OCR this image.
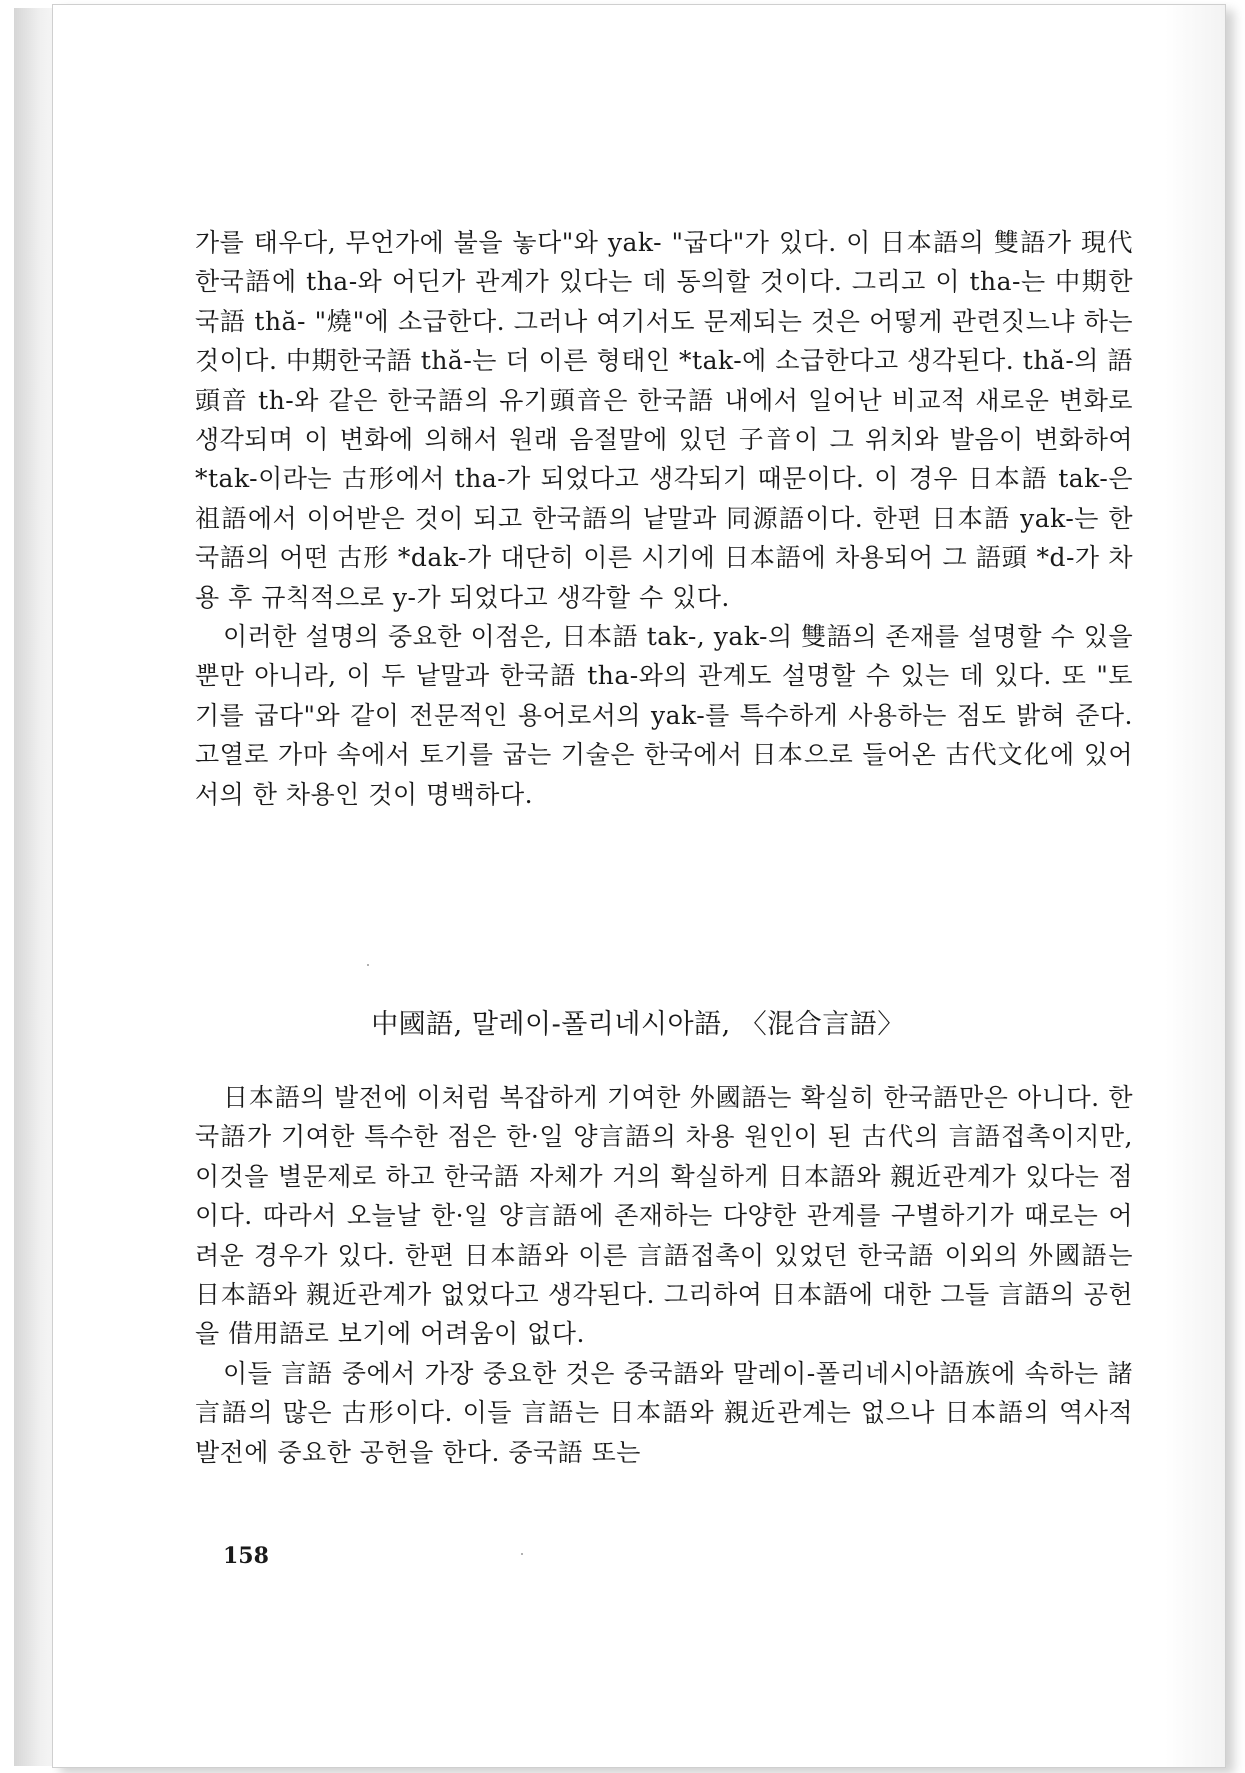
가를 태우다, 무언가에 불을 놓다"와 yak- "굽다"가 있다. 이 日本語의 雙語가 現代한국語에 tha-와 어딘가 관계가 있다는 데 동의할 것이다. 그리고 이 tha-는 中期한국語 thă- "燒"에 소급한다. 그러나 여기서도 문제되는 것은 어떻게 관련짓느냐 하는 것이다. 中期한국語 thă-는 더 이른 형태인 *tak-에 소급한다고 생각된다. thă-의 語頭音 th-와 같은 한국語의 유기頭音은 한국語 내에서 일어난 비교적 새로운 변화로 생각되며 이 변화에 의해서 원래 음절말에 있던 子音이 그 위치와 발음이 변화하여 *tak-이라는 古形에서 tha-가 되었다고 생각되기 때문이다. 이 경우 日本語 tak-은 祖語에서 이어받은 것이 되고 한국語의 낱말과 同源語이다. 한편 日本語 yak-는 한국語의 어떤 古形 *dak-가 대단히 이른 시기에 日本語에 차용되어 그 語頭 *d-가 차용 후 규칙적으로 y-가 되었다고 생각할 수 있다.

이러한 설명의 중요한 이점은, 日本語 tak-, yak-의 雙語의 존재를 설명할 수 있을 뿐만 아니라, 이 두 낱말과 한국語 tha-와의 관계도 설명할 수 있는 데 있다. 또 "토기를 굽다"와 같이 전문적인 용어로서의 yak-를 특수하게 사용하는 점도 밝혀 준다. 고열로 가마 속에서 토기를 굽는 기술은 한국에서 日本으로 들어온 古代文化에 있어서의 한 차용인 것이 명백하다.

中國語, 말레이-폴리네시아語, 〈混合言語〉

日本語의 발전에 이처럼 복잡하게 기여한 外國語는 확실히 한국語만은 아니다. 한국語가 기여한 특수한 점은 한·일 양言語의 차용 원인이 된 古代의 言語접촉이지만, 이것을 별문제로 하고 한국語 자체가 거의 확실하게 日本語와 親近관계가 있다는 점이다. 따라서 오늘날 한·일 양言語에 존재하는 다양한 관계를 구별하기가 때로는 어려운 경우가 있다. 한편 日本語와 이른 言語접촉이 있었던 한국語 이외의 外國語는 日本語와 親近관계가 없었다고 생각된다. 그리하여 日本語에 대한 그들 言語의 공헌을 借用語로 보기에 어려움이 없다.

이들 言語 중에서 가장 중요한 것은 중국語와 말레이-폴리네시아語族에 속하는 諸言語의 많은 古形이다. 이들 言語는 日本語와 親近관계는 없으나 日本語의 역사적 발전에 중요한 공헌을 한다. 중국語 또는

158
